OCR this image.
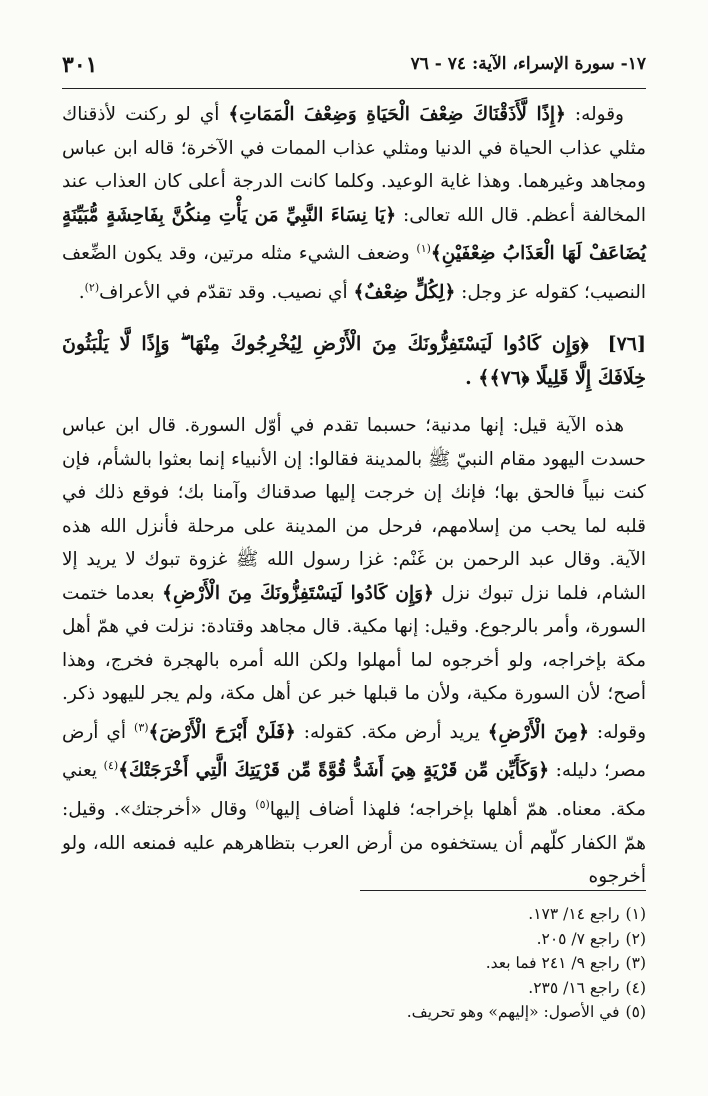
٣٠١	١٧- سورة الإسراء، الآية: ٧٤ - ٧٦

وقوله: ﴿إِذًا لَّأَذَقْنَاكَ ضِعْفَ الْحَيَاةِ وَضِعْفَ الْمَمَاتِ﴾ أي لو ركنت لأذقناك مثلي عذاب الحياة في الدنيا ومثلي عذاب الممات في الآخرة؛ قاله ابن عباس ومجاهد وغيرهما. وهذا غاية الوعيد. وكلما كانت الدرجة أعلى كان العذاب عند المخالفة أعظم. قال الله تعالى: ﴿يَا نِسَاءَ النَّبِيِّ مَن يَأْتِ مِنكُنَّ بِفَاحِشَةٍ مُّبَيِّنَةٍ يُضَاعَفْ لَهَا الْعَذَابُ ضِعْفَيْنِ﴾$^{(١)}$ وضعف الشيء مثله مرتين، وقد يكون الضِّعف النصيب؛ كقوله عز وجل: ﴿لِكُلٍّ ضِعْفٌ﴾ أي نصيب. وقد تقدّم في الأعراف$^{(٢)}$.

[٧٦] ﴿وَإِن كَادُوا لَيَسْتَفِزُّونَكَ مِنَ الْأَرْضِ لِيُخْرِجُوكَ مِنْهَا ۖ وَإِذًا لَّا يَلْبَثُونَ خِلَافَكَ إِلَّا قَلِيلًا ﴿٧٦﴾﴾ .

هذه الآية قيل: إنها مدنية؛ حسبما تقدم في أوّل السورة. قال ابن عباس حسدت اليهود مقام النبيّ ﷺ بالمدينة فقالوا: إن الأنبياء إنما بعثوا بالشأم، فإن كنت نبياً فالحق بها؛ فإنك إن خرجت إليها صدقناك وآمنا بك؛ فوقع ذلك في قلبه لما يحب من إسلامهم، فرحل من المدينة على مرحلة فأنزل الله هذه الآية. وقال عبد الرحمن بن غَنْم: غزا رسول الله ﷺ غزوة تبوك لا يريد إلا الشام، فلما نزل تبوك نزل ﴿وَإِن كَادُوا لَيَسْتَفِزُّونَكَ مِنَ الْأَرْضِ﴾ بعدما ختمت السورة، وأمر بالرجوع. وقيل: إنها مكية. قال مجاهد وقتادة: نزلت في همّ أهل مكة بإخراجه، ولو أخرجوه لما أمهلوا ولكن الله أمره بالهجرة فخرج، وهذا أصح؛ لأن السورة مكية، ولأن ما قبلها خبر عن أهل مكة، ولم يجر لليهود ذكر. وقوله: ﴿مِنَ الْأَرْضِ﴾ يريد أرض مكة. كقوله: ﴿فَلَنْ أَبْرَحَ الْأَرْضَ﴾$^{(٣)}$ أي أرض مصر؛ دليله: ﴿وَكَأَيِّن مِّن قَرْيَةٍ هِيَ أَشَدُّ قُوَّةً مِّن قَرْيَتِكَ الَّتِي أَخْرَجَتْكَ﴾$^{(٤)}$ يعني مكة. معناه. همّ أهلها بإخراجه؛ فلهذا أضاف إليها$^{(٥)}$ وقال «أخرجتك». وقيل: همّ الكفار كلّهم أن يستخفوه من أرض العرب بتظاهرهم عليه فمنعه الله، ولو أخرجوه

(١)راجع ١٤/ ١٧٣.
(٢)راجع ٧/ ٢٠٥.
(٣)راجع ٩/ ٢٤١ فما بعد.
(٤)راجع ١٦/ ٢٣٥.
(٥)في الأصول: «إليهم» وهو تحريف.
